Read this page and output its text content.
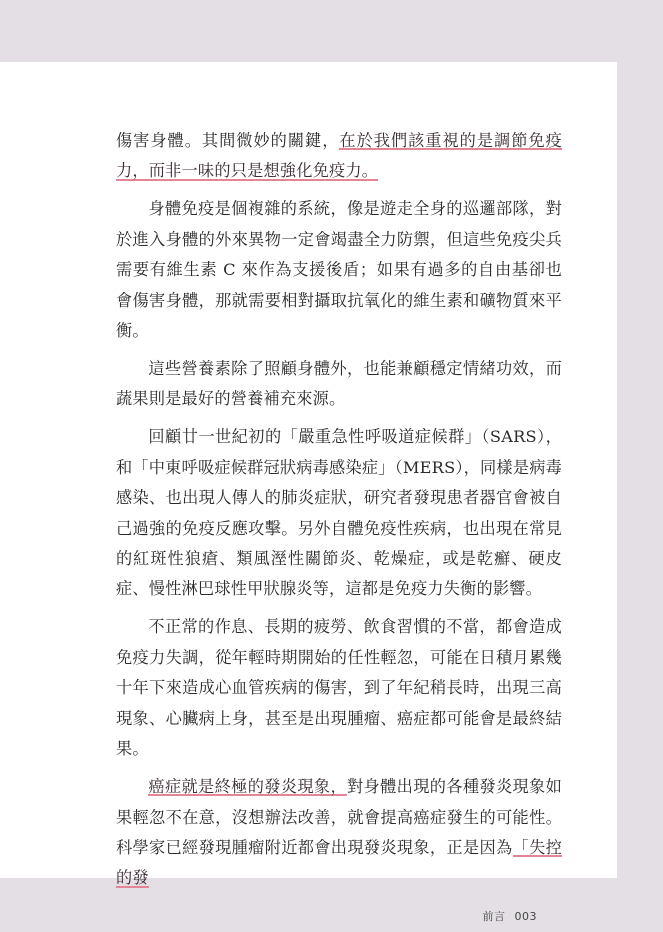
傷害身體。其間微妙的關鍵，在於我們該重視的是調節免疫力，而非一味的只是想強化免疫力。

身體免疫是個複雜的系統，像是遊走全身的巡邏部隊，對於進入身體的外來異物一定會竭盡全力防禦，但這些免疫尖兵需要有維生素 C 來作為支援後盾；如果有過多的自由基卻也會傷害身體，那就需要相對攝取抗氧化的維生素和礦物質來平衡。

這些營養素除了照顧身體外，也能兼顧穩定情緒功效，而蔬果則是最好的營養補充來源。

回顧廿一世紀初的「嚴重急性呼吸道症候群」（SARS），和「中東呼吸症候群冠狀病毒感染症」（MERS），同樣是病毒感染、也出現人傳人的肺炎症狀，研究者發現患者器官會被自己過強的免疫反應攻擊。另外自體免疫性疾病，也出現在常見的紅斑性狼瘡、類風溼性關節炎、乾燥症，或是乾癬、硬皮症、慢性淋巴球性甲狀腺炎等，這都是免疫力失衡的影響。

不正常的作息、長期的疲勞、飲食習慣的不當，都會造成免疫力失調，從年輕時期開始的任性輕忽，可能在日積月累幾十年下來造成心血管疾病的傷害，到了年紀稍長時，出現三高現象、心臟病上身，甚至是出現腫瘤、癌症都可能會是最終結果。

癌症就是終極的發炎現象，對身體出現的各種發炎現象如果輕忽不在意，沒想辦法改善，就會提高癌症發生的可能性。科學家已經發現腫瘤附近都會出現發炎現象，正是因為「失控的發

前言 003
